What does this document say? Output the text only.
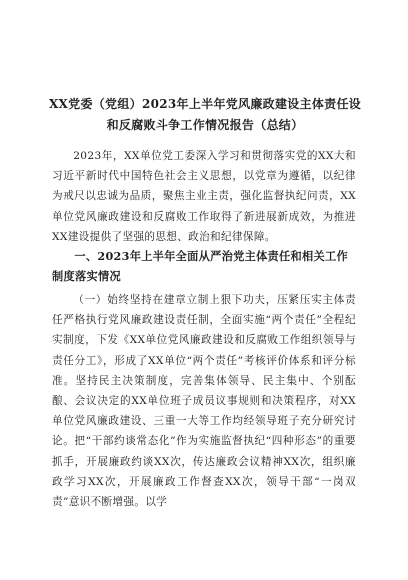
XX党委（党组）2023年上半年党风廉政建设主体责任设和反腐败斗争工作情况报告（总结）
2023年，XX单位党工委深入学习和贯彻落实党的XX大和习近平新时代中国特色社会主义思想，以党章为遵循，以纪律为戒尺以忠诚为品质，聚焦主业主责，强化监督执纪问责，XX单位党风廉政建设和反腐败工作取得了新进展新成效，为推进XX建设提供了坚强的思想、政治和纪律保障。
一、2023年上半年全面从严治党主体责任和相关工作制度落实情况
（一）始终坚持在建章立制上狠下功夫，压紧压实主体责任严格执行党风廉政建设责任制，全面实施“两个责任”全程纪实制度，下发《XX单位党风廉政建设和反腐败工作组织领导与责任分工》，形成了XX单位“两个责任”考核评价体系和评分标准。坚持民主决策制度，完善集体领导、民主集中、个别酝酿、会议决定的XX单位班子成员议事规则和决策程序，对XX单位党风廉政建设、三重一大等工作均经领导班子充分研究讨论。把“干部约谈常态化”作为实施监督执纪“四种形态”的重要抓手，开展廉政约谈XX次，传达廉政会议精神XX次，组织廉政学习XX次，开展廉政工作督查XX次，领导干部“一岗双责”意识不断增强。以学
